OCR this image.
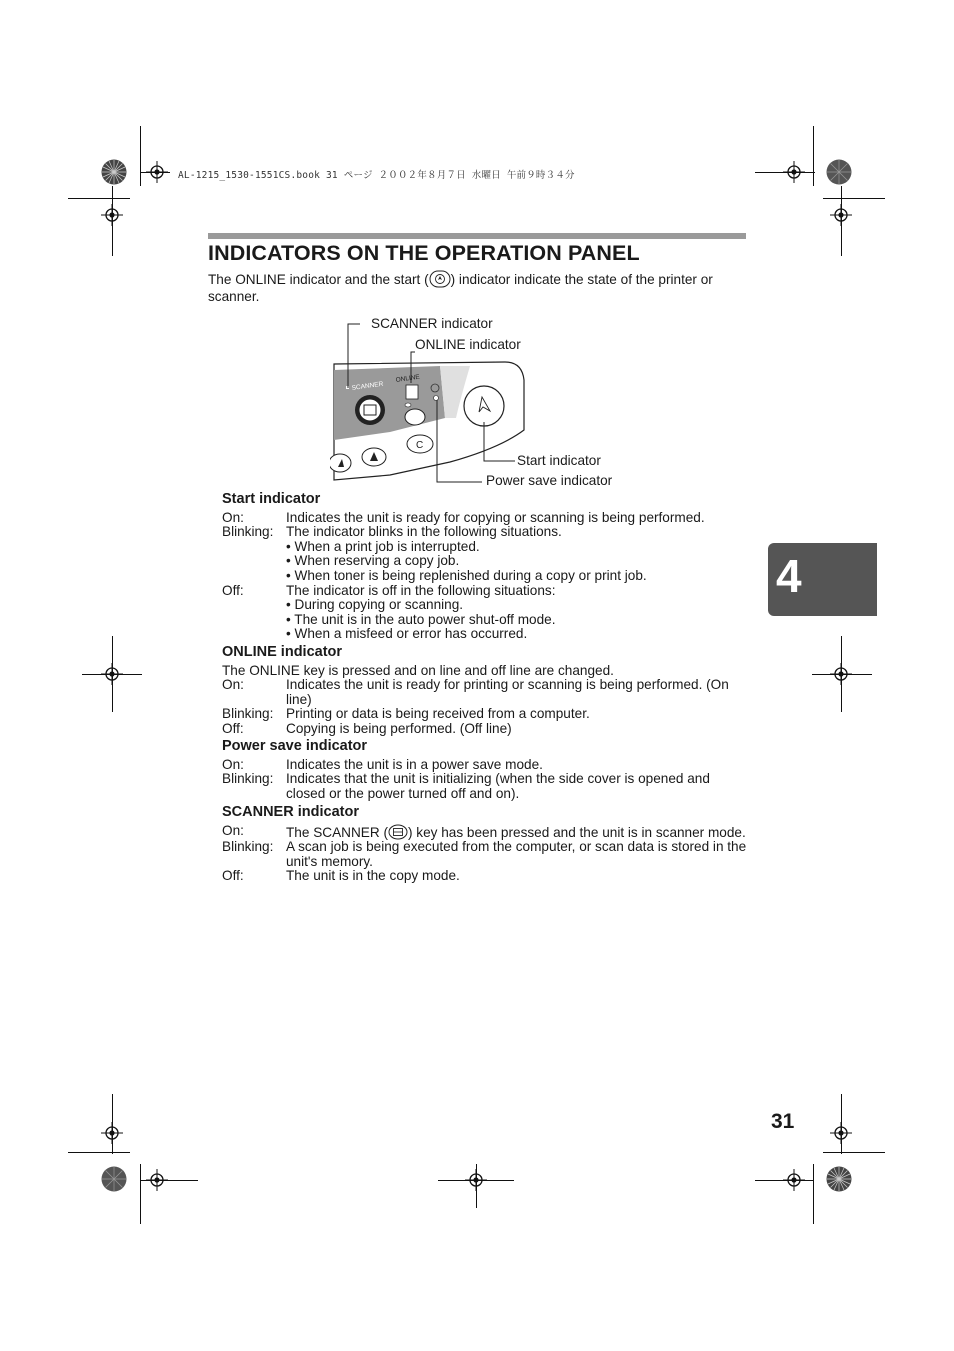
AL-1215_1530-1551CS.book 31 ページ ２００２年８月７日 水曜日 午前９時３４分
INDICATORS ON THE OPERATION PANEL
The ONLINE indicator and the start ( ) indicator indicate the state of the printer or scanner.
C
SCANNER
ONLINE
SCANNER indicator
ONLINE indicator
Start indicator
Power save indicator
Start indicator
On:	Indicates the unit is ready for copying or scanning is being performed.
Blinking: The indicator blinks in the following situations.
• When a print job is interrupted.
• When reserving a copy job.
• When toner is being replenished during a copy or print job.
Off:	The indicator is off in the following situations:
• During copying or scanning.
• The unit is in the auto power shut-off mode.
• When a misfeed or error has occurred.
ONLINE indicator
The ONLINE key is pressed and on line and off line are changed.
On:	Indicates the unit is ready for printing or scanning is being performed. (On line)
Blinking: Printing or data is being received from a computer.
Off:	Copying is being performed. (Off line)
Power save indicator
On:	Indicates the unit is in a power save mode.
Blinking: Indicates that the unit is initializing (when the side cover is opened and closed or the power turned off and on).
SCANNER indicator
On:	The SCANNER ( ) key has been pressed and the unit is in scanner mode.
Blinking: A scan job is being executed from the computer, or scan data is stored in the unit's memory.
Off:	The unit is in the copy mode.
4
31
